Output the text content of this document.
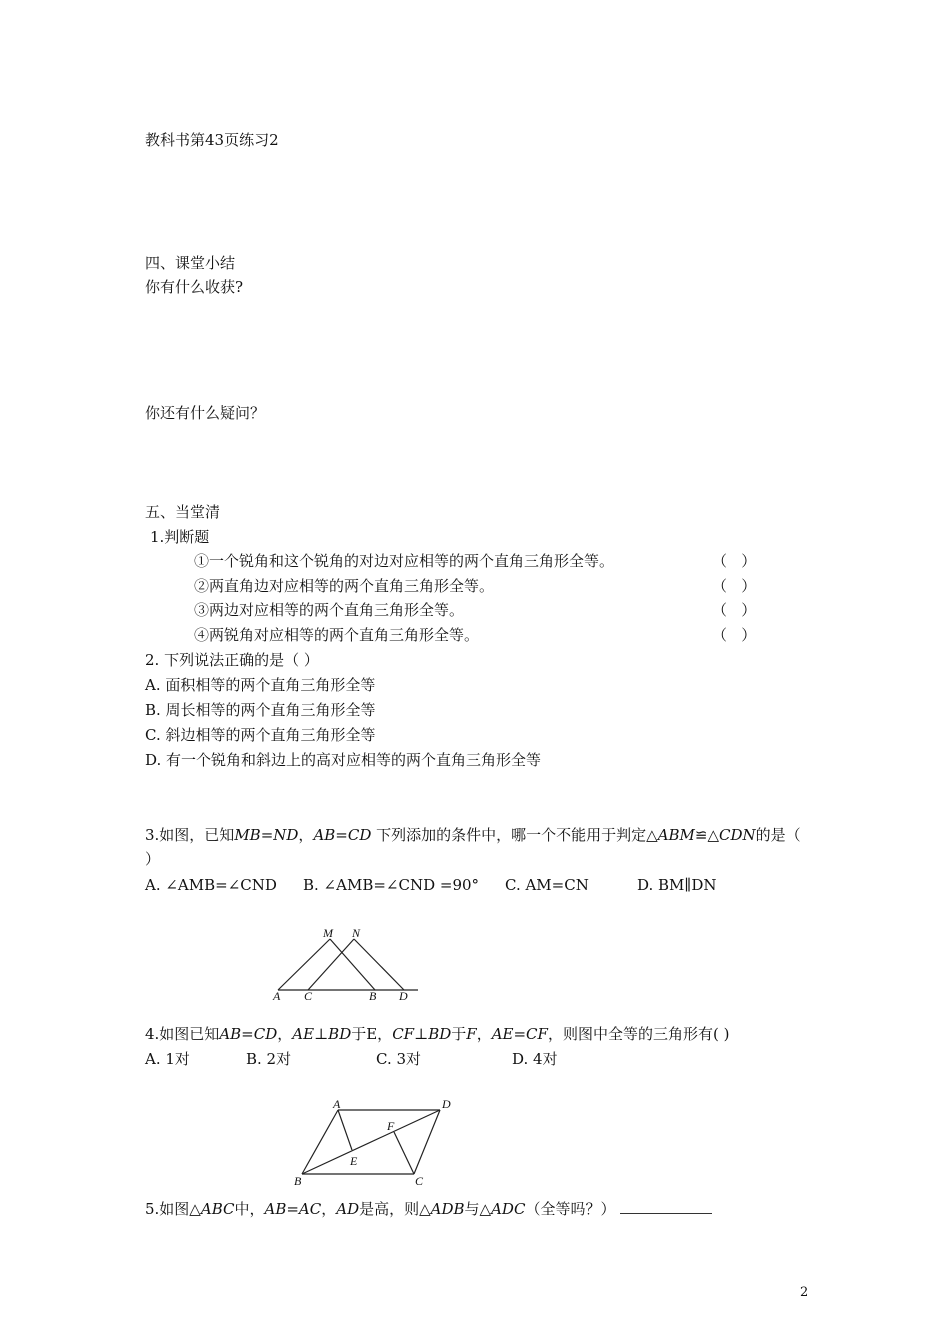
教科书第43页练习2
四、课堂小结
你有什么收获?
你还有什么疑问？
五、当堂清
1.判断题
①一个锐角和这个锐角的对边对应相等的两个直角三角形全等。	（   ）
②两直角边对应相等的两个直角三角形全等。	（   ）
③两边对应相等的两个直角三角形全等。	（   ）
④两锐角对应相等的两个直角三角形全等。	（   ）
2. 下列说法正确的是（ ）
A. 面积相等的两个直角三角形全等
B. 周长相等的两个直角三角形全等
C. 斜边相等的两个直角三角形全等
D. 有一个锐角和斜边上的高对应相等的两个直角三角形全等
3.如图，已知MB=ND，AB=CD 下列添加的条件中，哪一个不能用于判定△ABM≌△CDN的是（
）
A. ∠AMB=∠CND B. ∠AMB=∠CND =90° C. AM=CN	D. BM∥DN
M N
A C	B D
4.如图已知AB=CD，AE⊥BD于E，CF⊥BD于F，AE=CF，则图中全等的三角形有( )
A. 1对	B. 2对	C. 3对	D. 4对
A	D
F
E
B	C
5.如图△ABC中，AB=AC，AD是高，则△ADB与△ADC（全等吗？）
2
